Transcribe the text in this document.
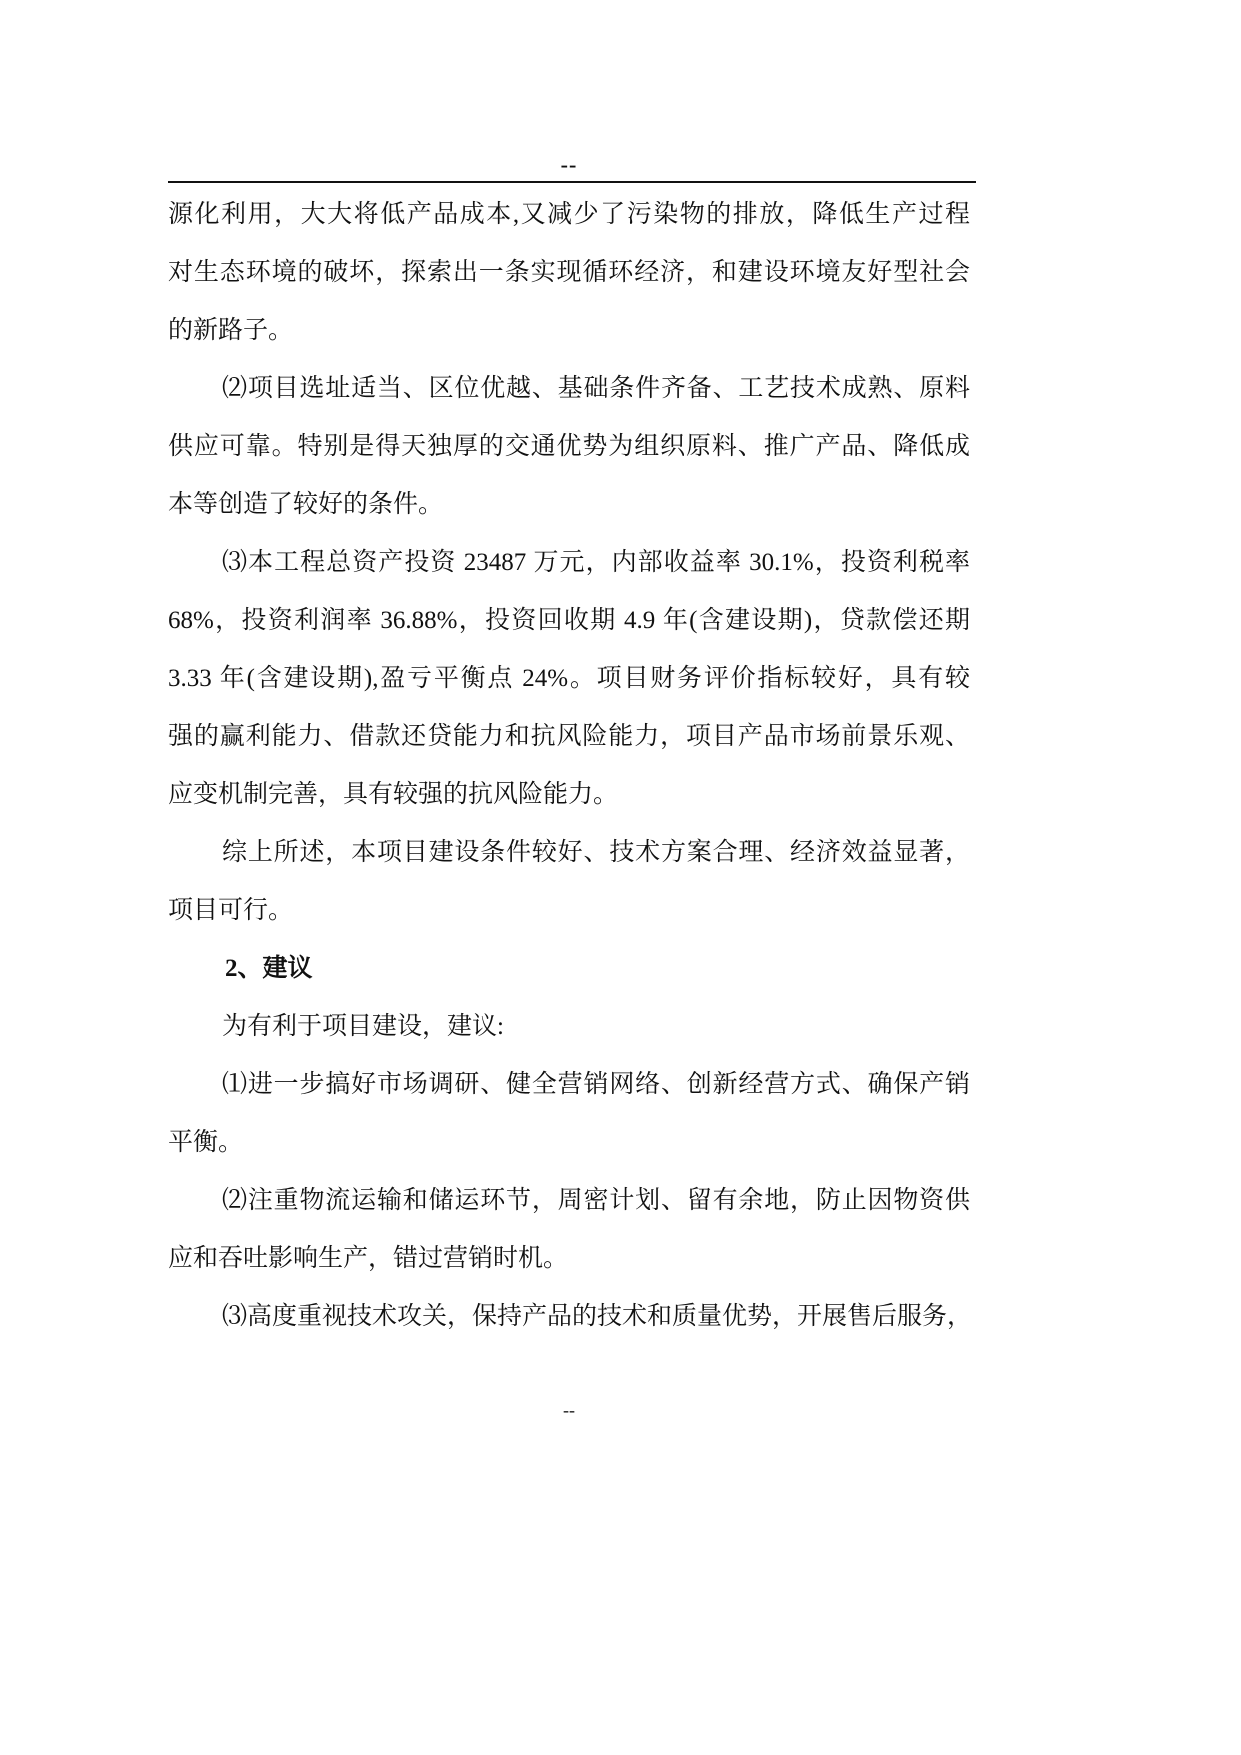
--
源化利用，大大将低产品成本,又减少了污染物的排放，降低生产过程
对生态环境的破坏，探索出一条实现循环经济，和建设环境友好型社会
的新路子。
⑵项目选址适当、区位优越、基础条件齐备、工艺技术成熟、原料
供应可靠。特别是得天独厚的交通优势为组织原料、推广产品、降低成
本等创造了较好的条件。
⑶本工程总资产投资 23487 万元，内部收益率 30.1%，投资利税率
68%，投资利润率 36.88%，投资回收期 4.9 年(含建设期)，贷款偿还期
3.33 年(含建设期),盈亏平衡点 24%。项目财务评价指标较好，具有较
强的赢利能力、借款还贷能力和抗风险能力，项目产品市场前景乐观、
应变机制完善，具有较强的抗风险能力。
综上所述，本项目建设条件较好、技术方案合理、经济效益显著，
项目可行。
2、建议
为有利于项目建设，建议:
⑴进一步搞好市场调研、健全营销网络、创新经营方式、确保产销
平衡。
⑵注重物流运输和储运环节，周密计划、留有余地，防止因物资供
应和吞吐影响生产，错过营销时机。
⑶高度重视技术攻关，保持产品的技术和质量优势，开展售后服务，
--
